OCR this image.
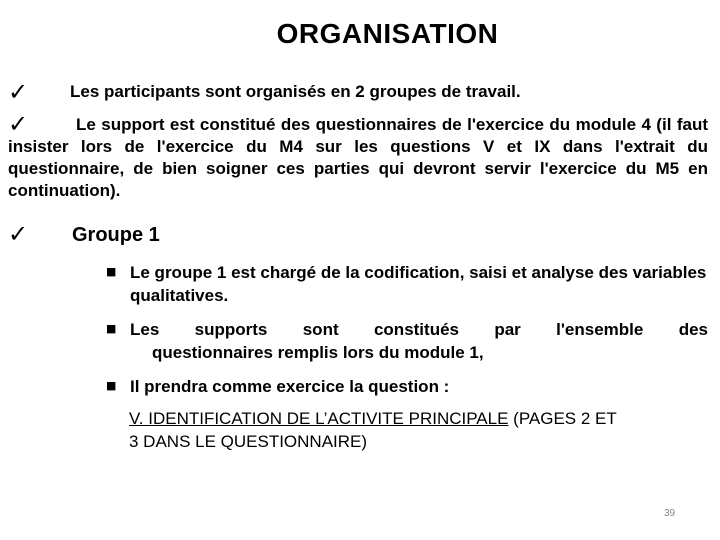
ORGANISATION
✓ Les participants sont organisés en 2 groupes de travail.
✓	Le support est constitué des questionnaires de l'exercice du module 4 (il faut insister lors de l'exercice du M4 sur les questions V et IX dans l'extrait du questionnaire, de bien soigner ces parties qui devront servir l'exercice du M5 en continuation).
✓ Groupe 1
■ Le groupe 1 est chargé de la codification, saisi et analyse des variables qualitatives.
■ Les supports sont constitués par l'ensemble des
questionnaires remplis lors du module 1,
■ Il prendra comme exercice la question :
V. IDENTIFICATION DE L’ACTIVITE PRINCIPALE (PAGES 2 ET
3 DANS LE QUESTIONNAIRE)
39
